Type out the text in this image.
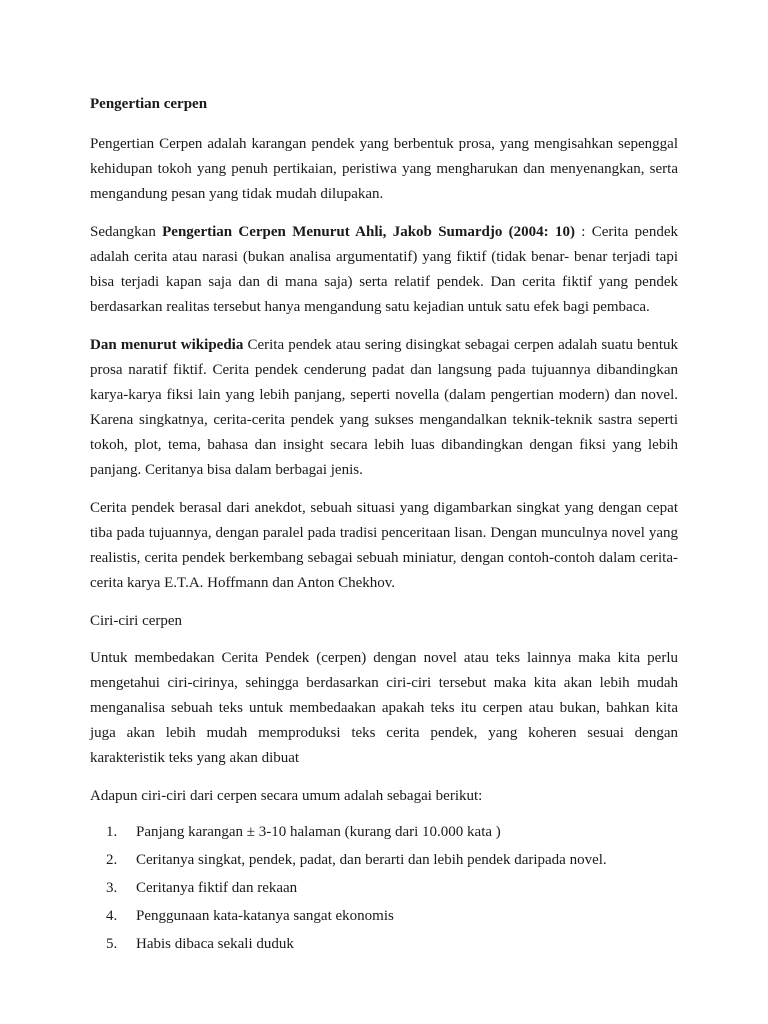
Pengertian cerpen

Pengertian Cerpen adalah karangan pendek yang berbentuk prosa, yang mengisahkan sepenggal kehidupan tokoh yang penuh pertikaian, peristiwa yang mengharukan dan menyenangkan, serta mengandung pesan yang tidak mudah dilupakan.

Sedangkan Pengertian Cerpen Menurut Ahli, Jakob Sumardjo (2004: 10) : Cerita pendek adalah cerita atau narasi (bukan analisa argumentatif) yang fiktif (tidak benar- benar terjadi tapi bisa terjadi kapan saja dan di mana saja) serta relatif pendek. Dan cerita fiktif yang pendek berdasarkan realitas tersebut hanya mengandung satu kejadian untuk satu efek bagi pembaca.

Dan menurut wikipedia Cerita pendek atau sering disingkat sebagai cerpen adalah suatu bentuk prosa naratif fiktif. Cerita pendek cenderung padat dan langsung pada tujuannya dibandingkan karya-karya fiksi lain yang lebih panjang, seperti novella (dalam pengertian modern) dan novel. Karena singkatnya, cerita-cerita pendek yang sukses mengandalkan teknik-teknik sastra seperti tokoh, plot, tema, bahasa dan insight secara lebih luas dibandingkan dengan fiksi yang lebih panjang. Ceritanya bisa dalam berbagai jenis.

Cerita pendek berasal dari anekdot, sebuah situasi yang digambarkan singkat yang dengan cepat tiba pada tujuannya, dengan paralel pada tradisi penceritaan lisan. Dengan munculnya novel yang realistis, cerita pendek berkembang sebagai sebuah miniatur, dengan contoh-contoh dalam cerita-cerita karya E.T.A. Hoffmann dan Anton Chekhov.

Ciri-ciri cerpen

Untuk membedakan Cerita Pendek (cerpen) dengan novel atau teks lainnya maka kita perlu mengetahui ciri-cirinya, sehingga berdasarkan ciri-ciri tersebut maka kita akan lebih mudah menganalisa sebuah teks untuk membedaakan apakah teks itu cerpen atau bukan, bahkan kita juga akan lebih mudah memproduksi teks cerita pendek, yang koheren sesuai dengan karakteristik teks yang akan dibuat

Adapun ciri-ciri dari cerpen secara umum adalah sebagai berikut:

1.	Panjang karangan ± 3-10 halaman (kurang dari 10.000 kata )
2.	Ceritanya singkat, pendek, padat, dan berarti dan lebih pendek daripada novel.
3.	Ceritanya fiktif dan rekaan
4.	Penggunaan kata-katanya sangat ekonomis
5.	Habis dibaca sekali duduk
